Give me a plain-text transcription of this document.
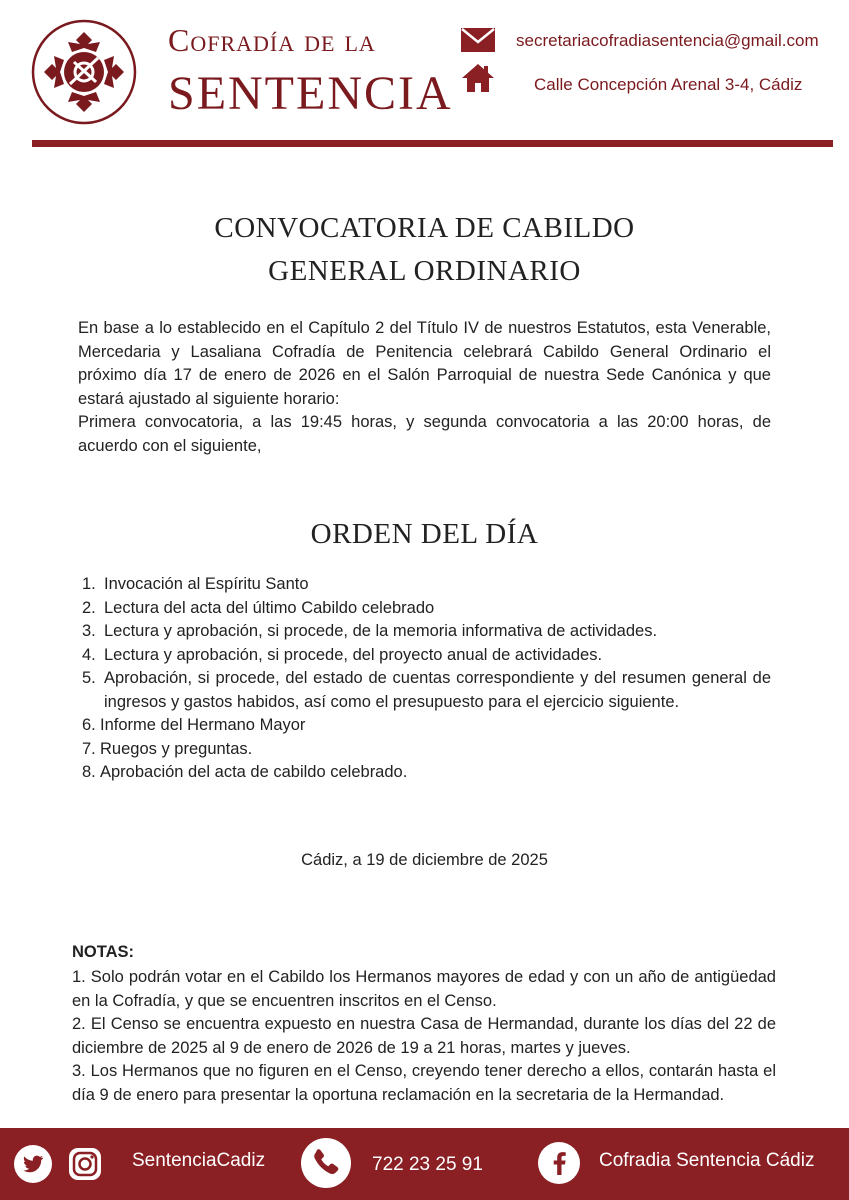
Cofradía de la
SENTENCIA
secretariacofradiasentencia@gmail.com
Calle Concepción Arenal 3-4, Cádiz
CONVOCATORIA DE CABILDO
GENERAL ORDINARIO

En base a lo establecido en el Capítulo 2 del Título IV de nuestros Estatutos, esta Venerable, Mercedaria y Lasaliana Cofradía de Penitencia celebrará Cabildo General Ordinario el próximo día 17 de enero de 2026 en el Salón Parroquial de nuestra Sede Canónica y que estará ajustado al siguiente horario:

Primera convocatoria, a las 19:45 horas, y segunda convocatoria a las 20:00 horas, de acuerdo con el siguiente,

ORDEN DEL DÍA
1. Invocación al Espíritu Santo
2. Lectura del acta del último Cabildo celebrado
3. Lectura y aprobación, si procede, de la memoria informativa de actividades.
4. Lectura y aprobación, si procede, del proyecto anual de actividades.
5. Aprobación, si procede, del estado de cuentas correspondiente y del resumen general de ingresos y gastos habidos, así como el presupuesto para el ejercicio siguiente.
6. Informe del Hermano Mayor
7. Ruegos y preguntas.
8. Aprobación del acta de cabildo celebrado.
Cádiz, a 19 de diciembre de 2025
NOTAS:

1. Solo podrán votar en el Cabildo los Hermanos mayores de edad y con un año de antigüedad en la Cofradía, y que se encuentren inscritos en el Censo.

2. El Censo se encuentra expuesto en nuestra Casa de Hermandad, durante los días del 22 de diciembre de 2025 al 9 de enero de 2026 de 19 a 21 horas, martes y jueves.

3. Los Hermanos que no figuren en el Censo, creyendo tener derecho a ellos, contarán hasta el día 9 de enero para presentar la oportuna reclamación en la secretaria de la Hermandad.

SentenciaCadiz	722 23 25 91	Cofradia Sentencia Cádiz
